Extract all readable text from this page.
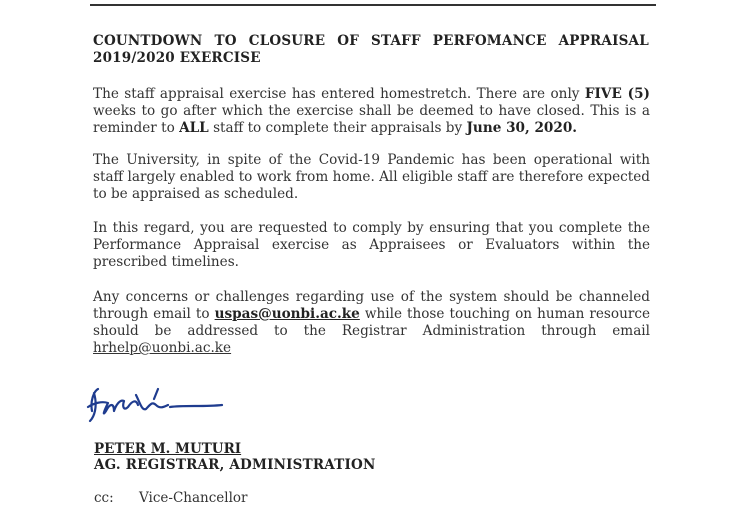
COUNTDOWN TO CLOSURE OF STAFF PERFOMANCE APPRAISAL
2019/2020 EXERCISE
The staff appraisal exercise has entered homestretch. There are only FIVE (5)
weeks to go after which the exercise shall be deemed to have closed. This is a
reminder to ALL staff to complete their appraisals by June 30, 2020.
The University, in spite of the Covid-19 Pandemic has been operational with
staff largely enabled to work from home. All eligible staff are therefore expected
to be appraised as scheduled.
In this regard, you are requested to comply by ensuring that you complete the
Performance Appraisal exercise as Appraisees or Evaluators within the
prescribed timelines.
Any concerns or challenges regarding use of the system should be channeled
through email to uspas@uonbi.ac.ke while those touching on human resource
should be addressed to the Registrar Administration through email
hrhelp@uonbi.ac.ke
PETER M. MUTURI
AG. REGISTRAR, ADMINISTRATION
cc: Vice-Chancellor
